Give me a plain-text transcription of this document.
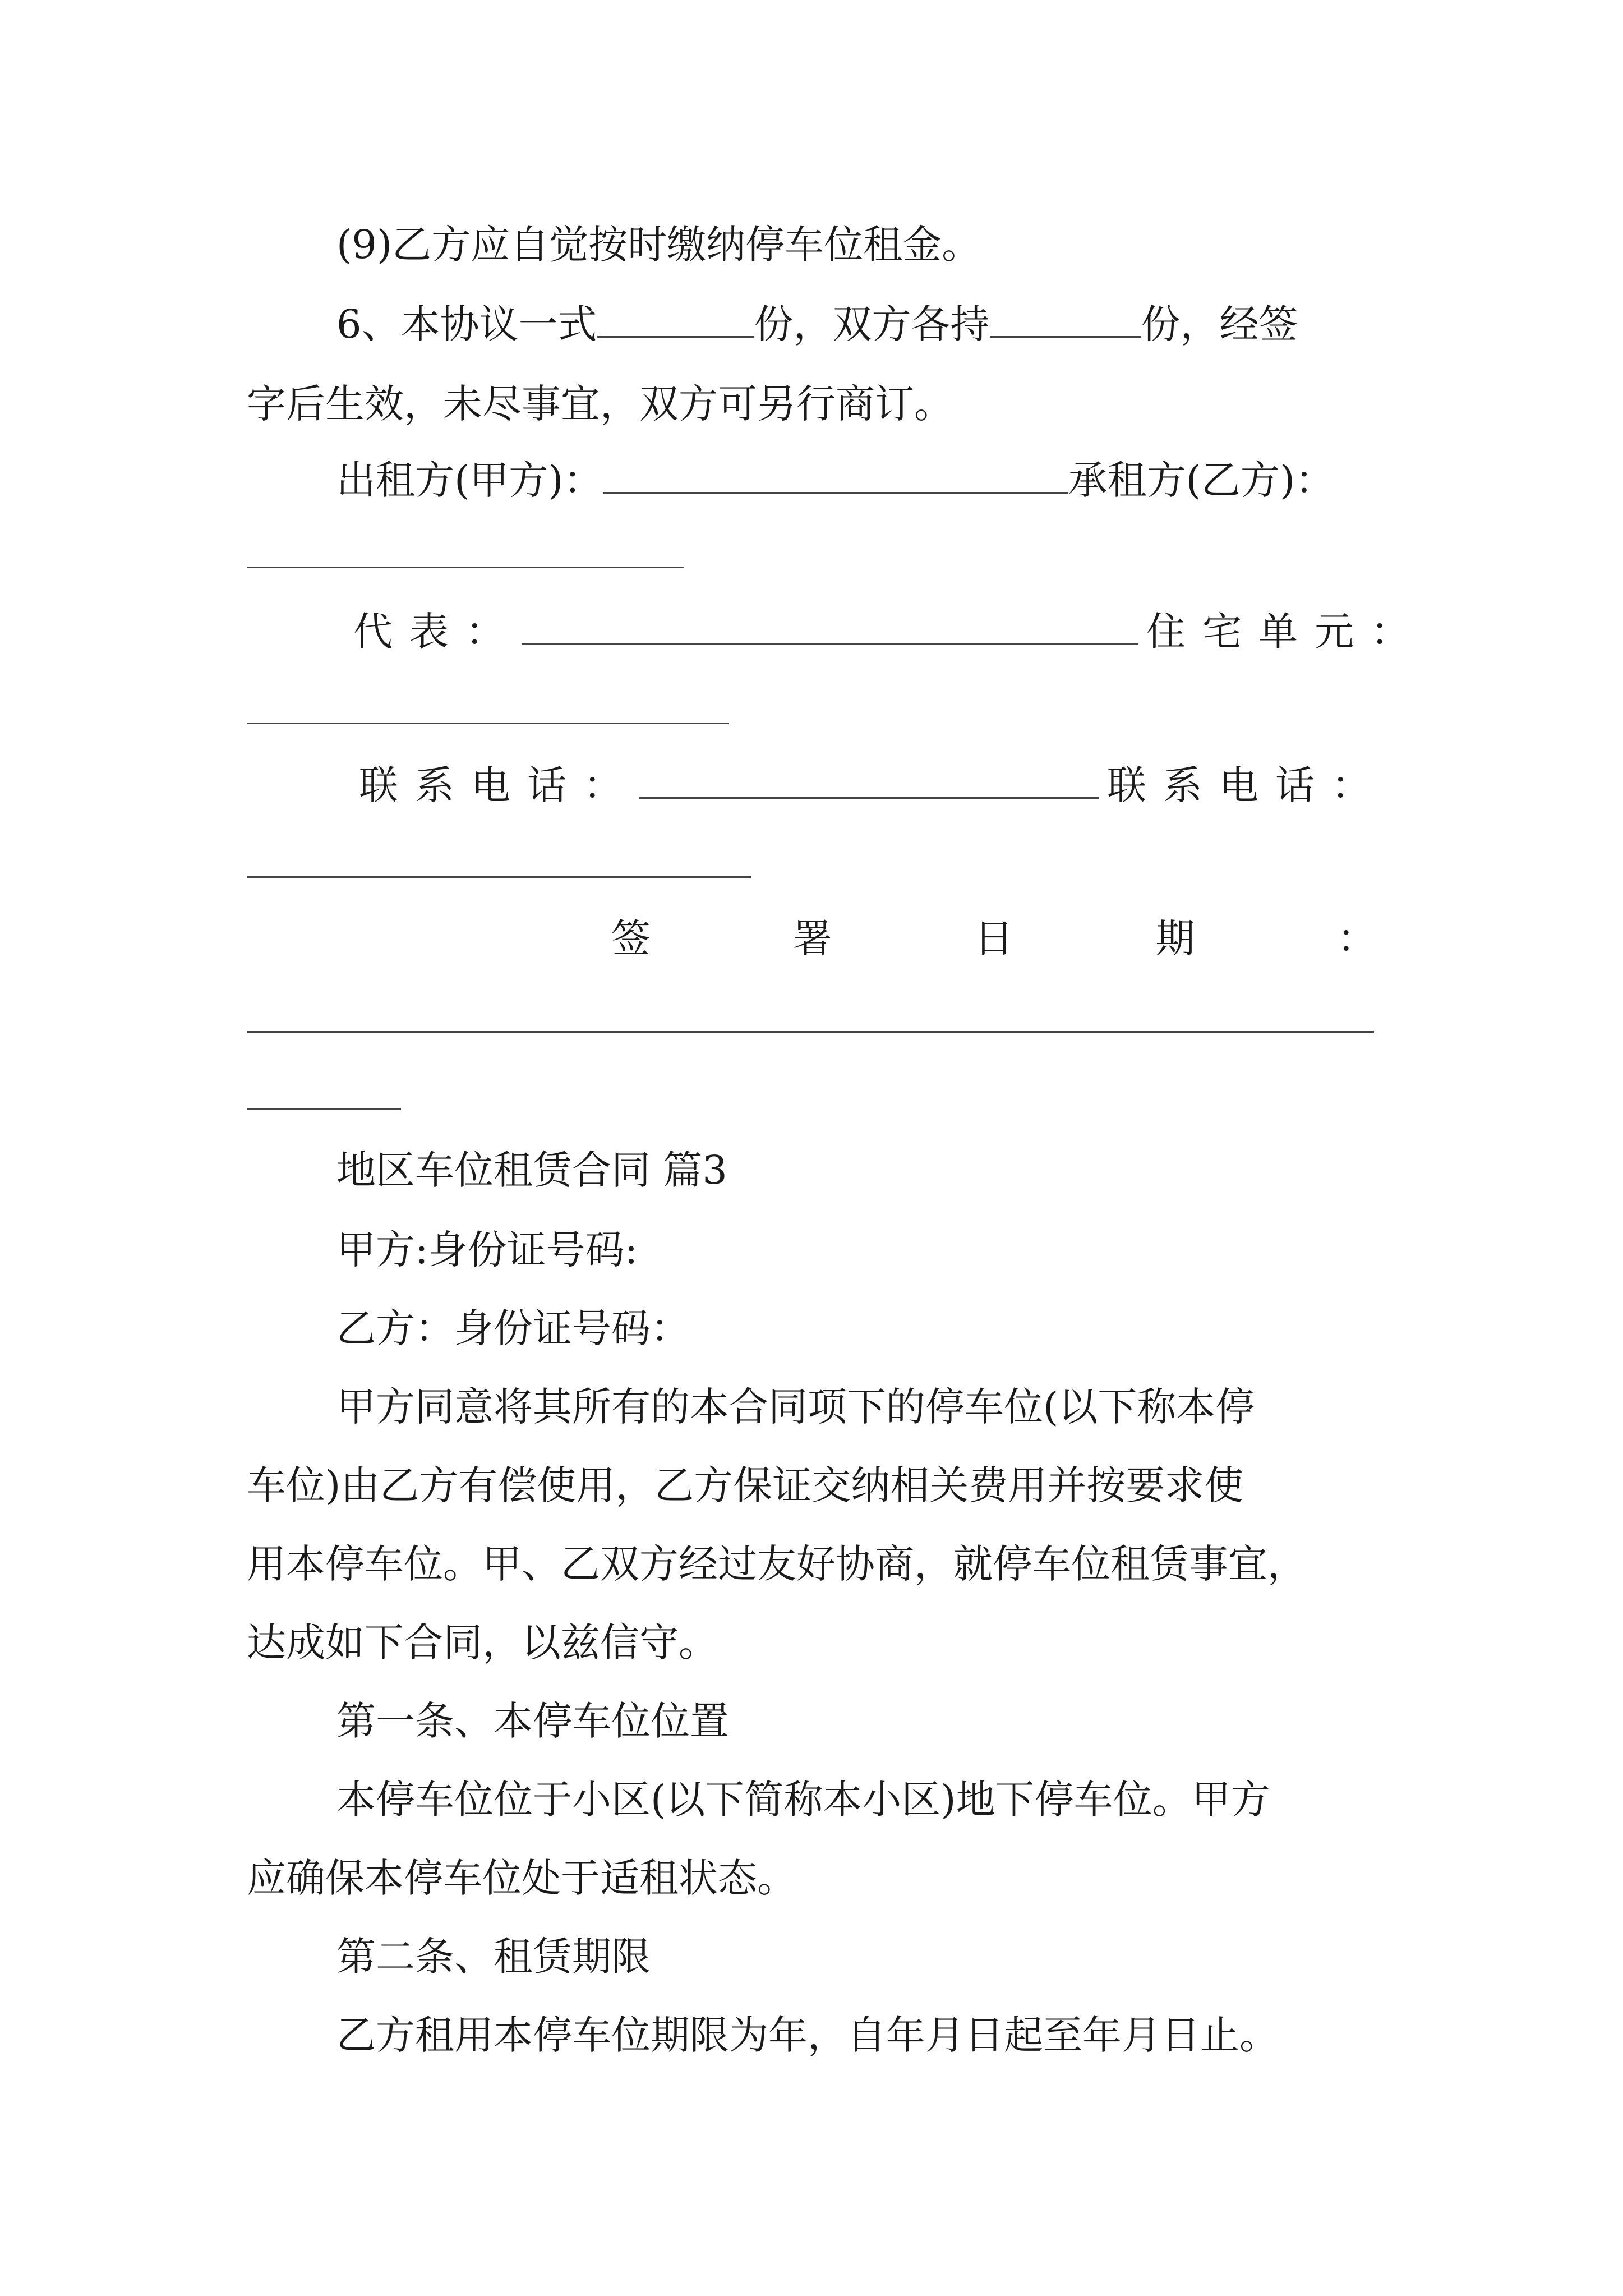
(9)乙方应自觉按时缴纳停车位租金。
6、本协议一式	份，双方各持	份，经签
字后生效，未尽事宜，双方可另行商订。
出租方(甲方)：	承租方(乙方)：
代表：	住宅单元：
联系电话：	联系电话：
签	署	日	期	：
地区车位租赁合同 篇3
甲方:身份证号码:
乙方：身份证号码：
甲方同意将其所有的本合同项下的停车位(以下称本停
车位)由乙方有偿使用，乙方保证交纳相关费用并按要求使
用本停车位。甲、乙双方经过友好协商，就停车位租赁事宜，
达成如下合同，以兹信守。
第一条、本停车位位置
本停车位位于小区(以下简称本小区)地下停车位。甲方
应确保本停车位处于适租状态。
第二条、租赁期限
乙方租用本停车位期限为年，自年月日起至年月日止。
